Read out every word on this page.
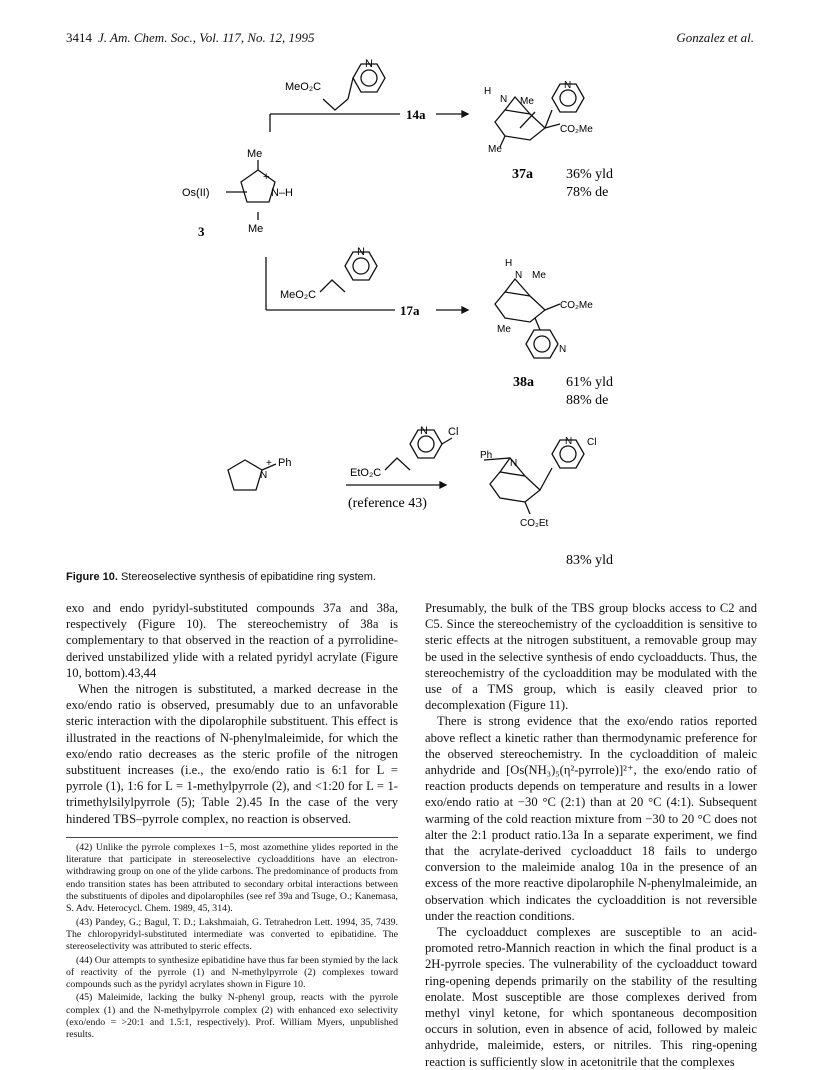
3414 J. Am. Chem. Soc., Vol. 117, No. 12, 1995	Gonzalez et al.
MeO₂C
N
14a
Me
Os(II)
+
N–H
Me
3
H
N Me
N
CO₂Me
Me
37a 36% yld
78% de
MeO₂C
N
17a
H
N Me
CO₂Me
Me
N
38a 61% yld
88% de
+
N
Ph
EtO₂C
N Cl
(reference 43)
Ph
N
N Cl
CO₂Et
83% yld
Figure 10. Stereoselective synthesis of epibatidine ring system.

exo and endo pyridyl-substituted compounds 37a and 38a, respectively (Figure 10). The stereochemistry of 38a is complementary to that observed in the reaction of a pyrrolidine-derived unstabilized ylide with a related pyridyl acrylate (Figure 10, bottom).43,44

When the nitrogen is substituted, a marked decrease in the exo/endo ratio is observed, presumably due to an unfavorable steric interaction with the dipolarophile substituent. This effect is illustrated in the reactions of N-phenylmaleimide, for which the exo/endo ratio decreases as the steric profile of the nitrogen substituent increases (i.e., the exo/endo ratio is 6:1 for L = pyrrole (1), 1:6 for L = 1-methylpyrrole (2), and <1:20 for L = 1-trimethylsilylpyrrole (5); Table 2).45 In the case of the very hindered TBS–pyrrole complex, no reaction is observed.

(42) Unlike the pyrrole complexes 1−5, most azomethine ylides reported in the literature that participate in stereoselective cycloadditions have an electron-withdrawing group on one of the ylide carbons. The predominance of products from endo transition states has been attributed to secondary orbital interactions between the substituents of dipoles and dipolarophiles (see ref 39a and Tsuge, O.; Kanemasa, S. Adv. Heterocycl. Chem. 1989, 45, 314).

(43) Pandey, G.; Bagul, T. D.; Lakshmaiah, G. Tetrahedron Lett. 1994, 35, 7439. The chloropyridyl-substituted intermediate was converted to epibatidine. The stereoselectivity was attributed to steric effects.

(44) Our attempts to synthesize epibatidine have thus far been stymied by the lack of reactivity of the pyrrole (1) and N-methylpyrrole (2) complexes toward compounds such as the pyridyl acrylates shown in Figure 10.

(45) Maleimide, lacking the bulky N-phenyl group, reacts with the pyrrole complex (1) and the N-methylpyrrole complex (2) with enhanced exo selectivity (exo/endo = >20:1 and 1.5:1, respectively). Prof. William Myers, unpublished results.

Presumably, the bulk of the TBS group blocks access to C2 and C5. Since the stereochemistry of the cycloaddition is sensitive to steric effects at the nitrogen substituent, a removable group may be used in the selective synthesis of endo cycloadducts. Thus, the stereochemistry of the cycloaddition may be modulated with the use of a TMS group, which is easily cleaved prior to decomplexation (Figure 11).

There is strong evidence that the exo/endo ratios reported above reflect a kinetic rather than thermodynamic preference for the observed stereochemistry. In the cycloaddition of maleic anhydride and [Os(NH₃)₅(η²-pyrrole)]²⁺, the exo/endo ratio of reaction products depends on temperature and results in a lower exo/endo ratio at −30 °C (2:1) than at 20 °C (4:1). Subsequent warming of the cold reaction mixture from −30 to 20 °C does not alter the 2:1 product ratio.13a In a separate experiment, we find that the acrylate-derived cycloadduct 18 fails to undergo conversion to the maleimide analog 10a in the presence of an excess of the more reactive dipolarophile N-phenylmaleimide, an observation which indicates the cycloaddition is not reversible under the reaction conditions.

The cycloadduct complexes are susceptible to an acid-promoted retro-Mannich reaction in which the final product is a 2H-pyrrole species. The vulnerability of the cycloadduct toward ring-opening depends primarily on the stability of the resulting enolate. Most susceptible are those complexes derived from methyl vinyl ketone, for which spontaneous decomposition occurs in solution, even in absence of acid, followed by maleic anhydride, maleimide, esters, or nitriles. This ring-opening reaction is sufficiently slow in acetonitrile that the complexes
